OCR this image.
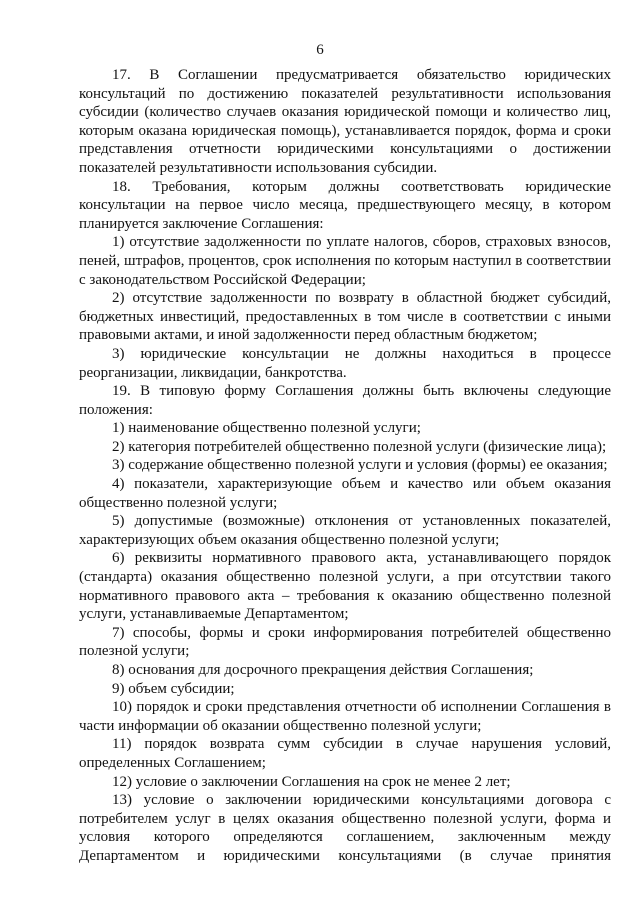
6

17. В Соглашении предусматривается обязательство юридических консультаций по достижению показателей результативности использования субсидии (количество случаев оказания юридической помощи и количество лиц, которым оказана юридическая помощь), устанавливается порядок, форма и сроки представления отчетности юридическими консультациями о достижении показателей результативности использования субсидии.

18. Требования, которым должны соответствовать юридические консультации на первое число месяца, предшествующего месяцу, в котором планируется заключение Соглашения:

1) отсутствие задолженности по уплате налогов, сборов, страховых взносов, пеней, штрафов, процентов, срок исполнения по которым наступил в соответствии с законодательством Российской Федерации;

2) отсутствие задолженности по возврату в областной бюджет субсидий, бюджетных инвестиций, предоставленных в том числе в соответствии с иными правовыми актами, и иной задолженности перед областным бюджетом;

3) юридические консультации не должны находиться в процессе реорганизации, ликвидации, банкротства.

19. В типовую форму Соглашения должны быть включены следующие положения:

1) наименование общественно полезной услуги;

2) категория потребителей общественно полезной услуги (физические лица);

3) содержание общественно полезной услуги и условия (формы) ее оказания;

4) показатели, характеризующие объем и качество или объем оказания общественно полезной услуги;

5) допустимые (возможные) отклонения от установленных показателей, характеризующих объем оказания общественно полезной услуги;

6) реквизиты нормативного правового акта, устанавливающего порядок (стандарта) оказания общественно полезной услуги, а при отсутствии такого нормативного правового акта – требования к оказанию общественно полезной услуги, устанавливаемые Департаментом;

7) способы, формы и сроки информирования потребителей общественно полезной услуги;

8) основания для досрочного прекращения действия Соглашения;

9) объем субсидии;

10) порядок и сроки представления отчетности об исполнении Соглашения в части информации об оказании общественно полезной услуги;

11) порядок возврата сумм субсидии в случае нарушения условий, определенных Соглашением;

12) условие о заключении Соглашения на срок не менее 2 лет;

13) условие о заключении юридическими консультациями договора с потребителем услуг в целях оказания общественно полезной услуги, форма и условия которого определяются соглашением, заключенным между Департаментом и юридическими консультациями (в случае принятия
